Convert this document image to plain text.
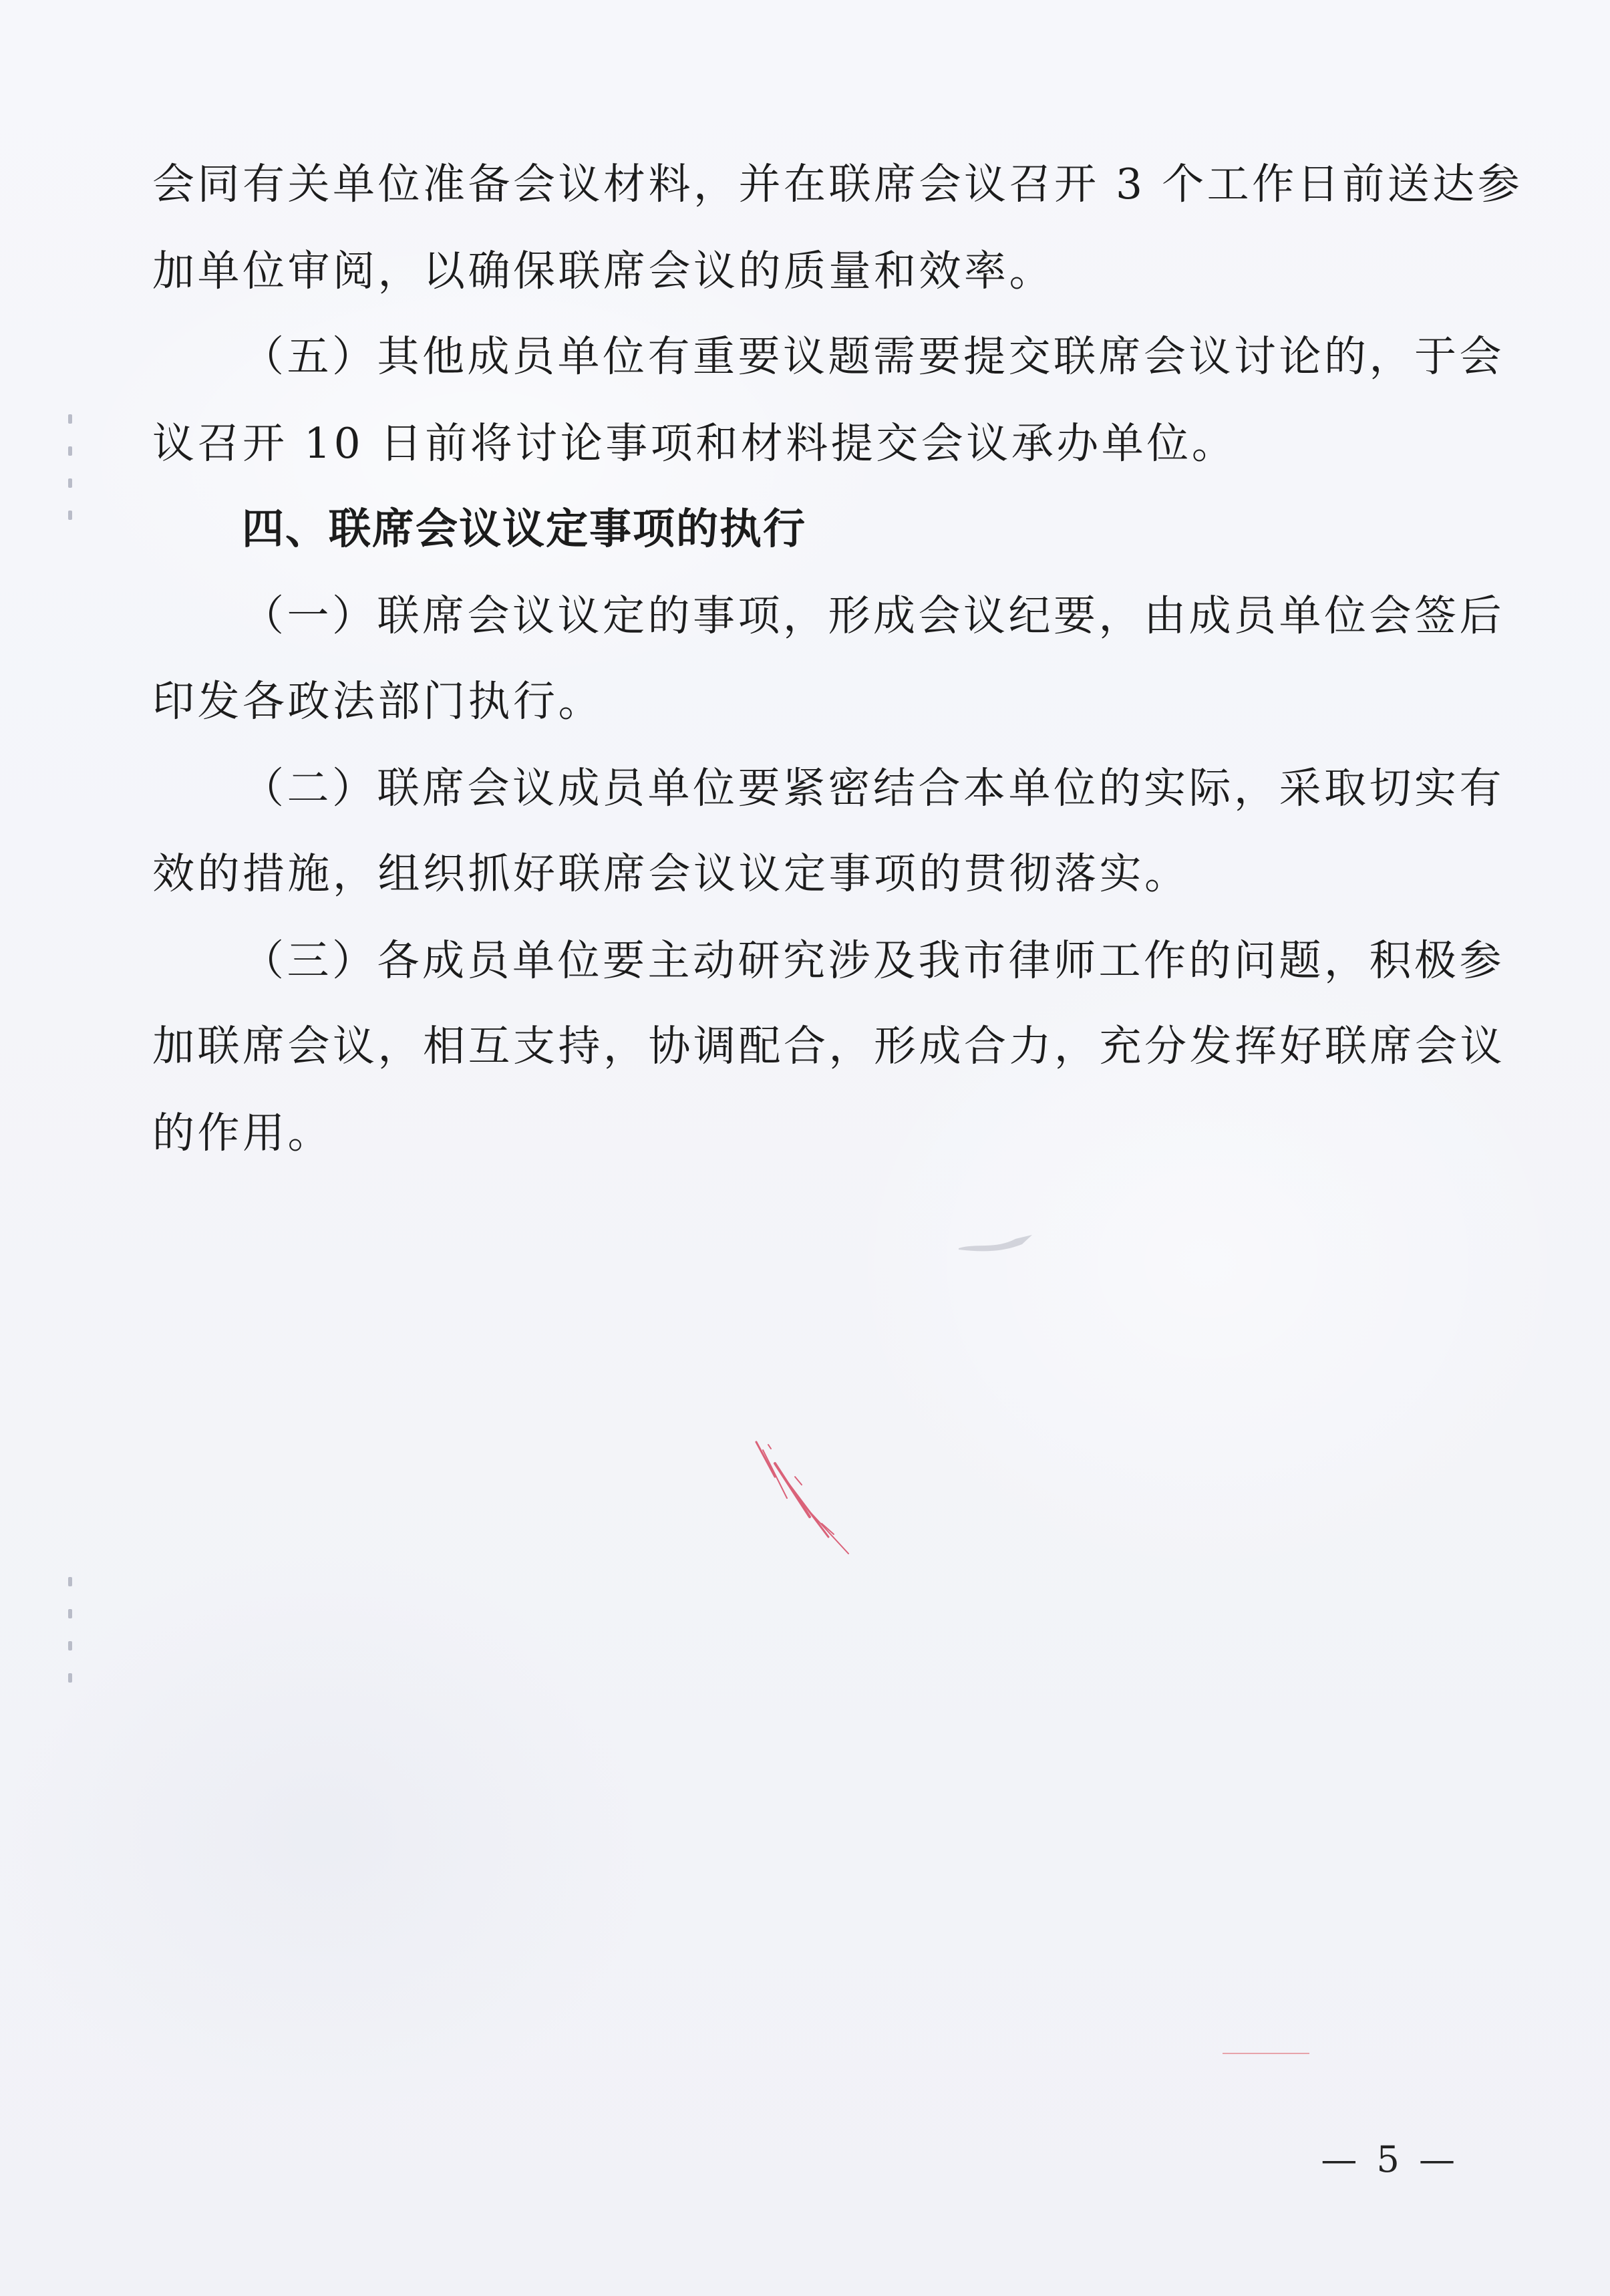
会同有关单位准备会议材料，并在联席会议召开 3 个工作日前送达参
加单位审阅，以确保联席会议的质量和效率。
（五）其他成员单位有重要议题需要提交联席会议讨论的，于会
议召开 10 日前将讨论事项和材料提交会议承办单位。
四、联席会议议定事项的执行
（一）联席会议议定的事项，形成会议纪要，由成员单位会签后
印发各政法部门执行。
（二）联席会议成员单位要紧密结合本单位的实际，采取切实有
效的措施，组织抓好联席会议议定事项的贯彻落实。
（三）各成员单位要主动研究涉及我市律师工作的问题，积极参
加联席会议，相互支持，协调配合，形成合力，充分发挥好联席会议
的作用。
— 5 —
